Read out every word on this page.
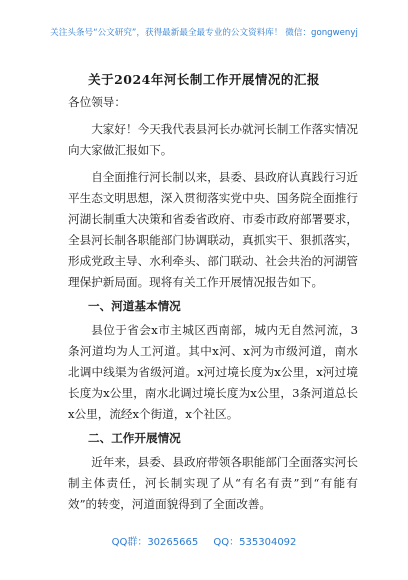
关注头条号“公文研究”，获得最新最全最专业的公文资料库！ 微信：gongwenyj
关于2024年河长制工作开展情况的汇报

各位领导：

大家好！今天我代表县河长办就河长制工作落实情况向大家做汇报如下。

自全面推行河长制以来，县委、县政府认真践行习近平生态文明思想，深入贯彻落实党中央、国务院全面推行河湖长制重大决策和省委省政府、市委市政府部署要求，全县河长制各职能部门协调联动，真抓实干、狠抓落实，形成党政主导、水利牵头、部门联动、社会共治的河湖管理保护新局面。现将有关工作开展情况报告如下。

一、河道基本情况

县位于省会x市主城区西南部，城内无自然河流，3条河道均为人工河道。其中x河、x河为市级河道，南水北调中线渠为省级河道。x河过境长度为x公里，x河过境长度为x公里，南水北调过境长度为x公里，3条河道总长x公里，流经x个街道，x个社区。

二、工作开展情况

近年来，县委、县政府带领各职能部门全面落实河长制主体责任，河长制实现了从“有名有责”到“有能有效”的转变，河道面貌得到了全面改善。

QQ群：30265665 QQ：535304092
